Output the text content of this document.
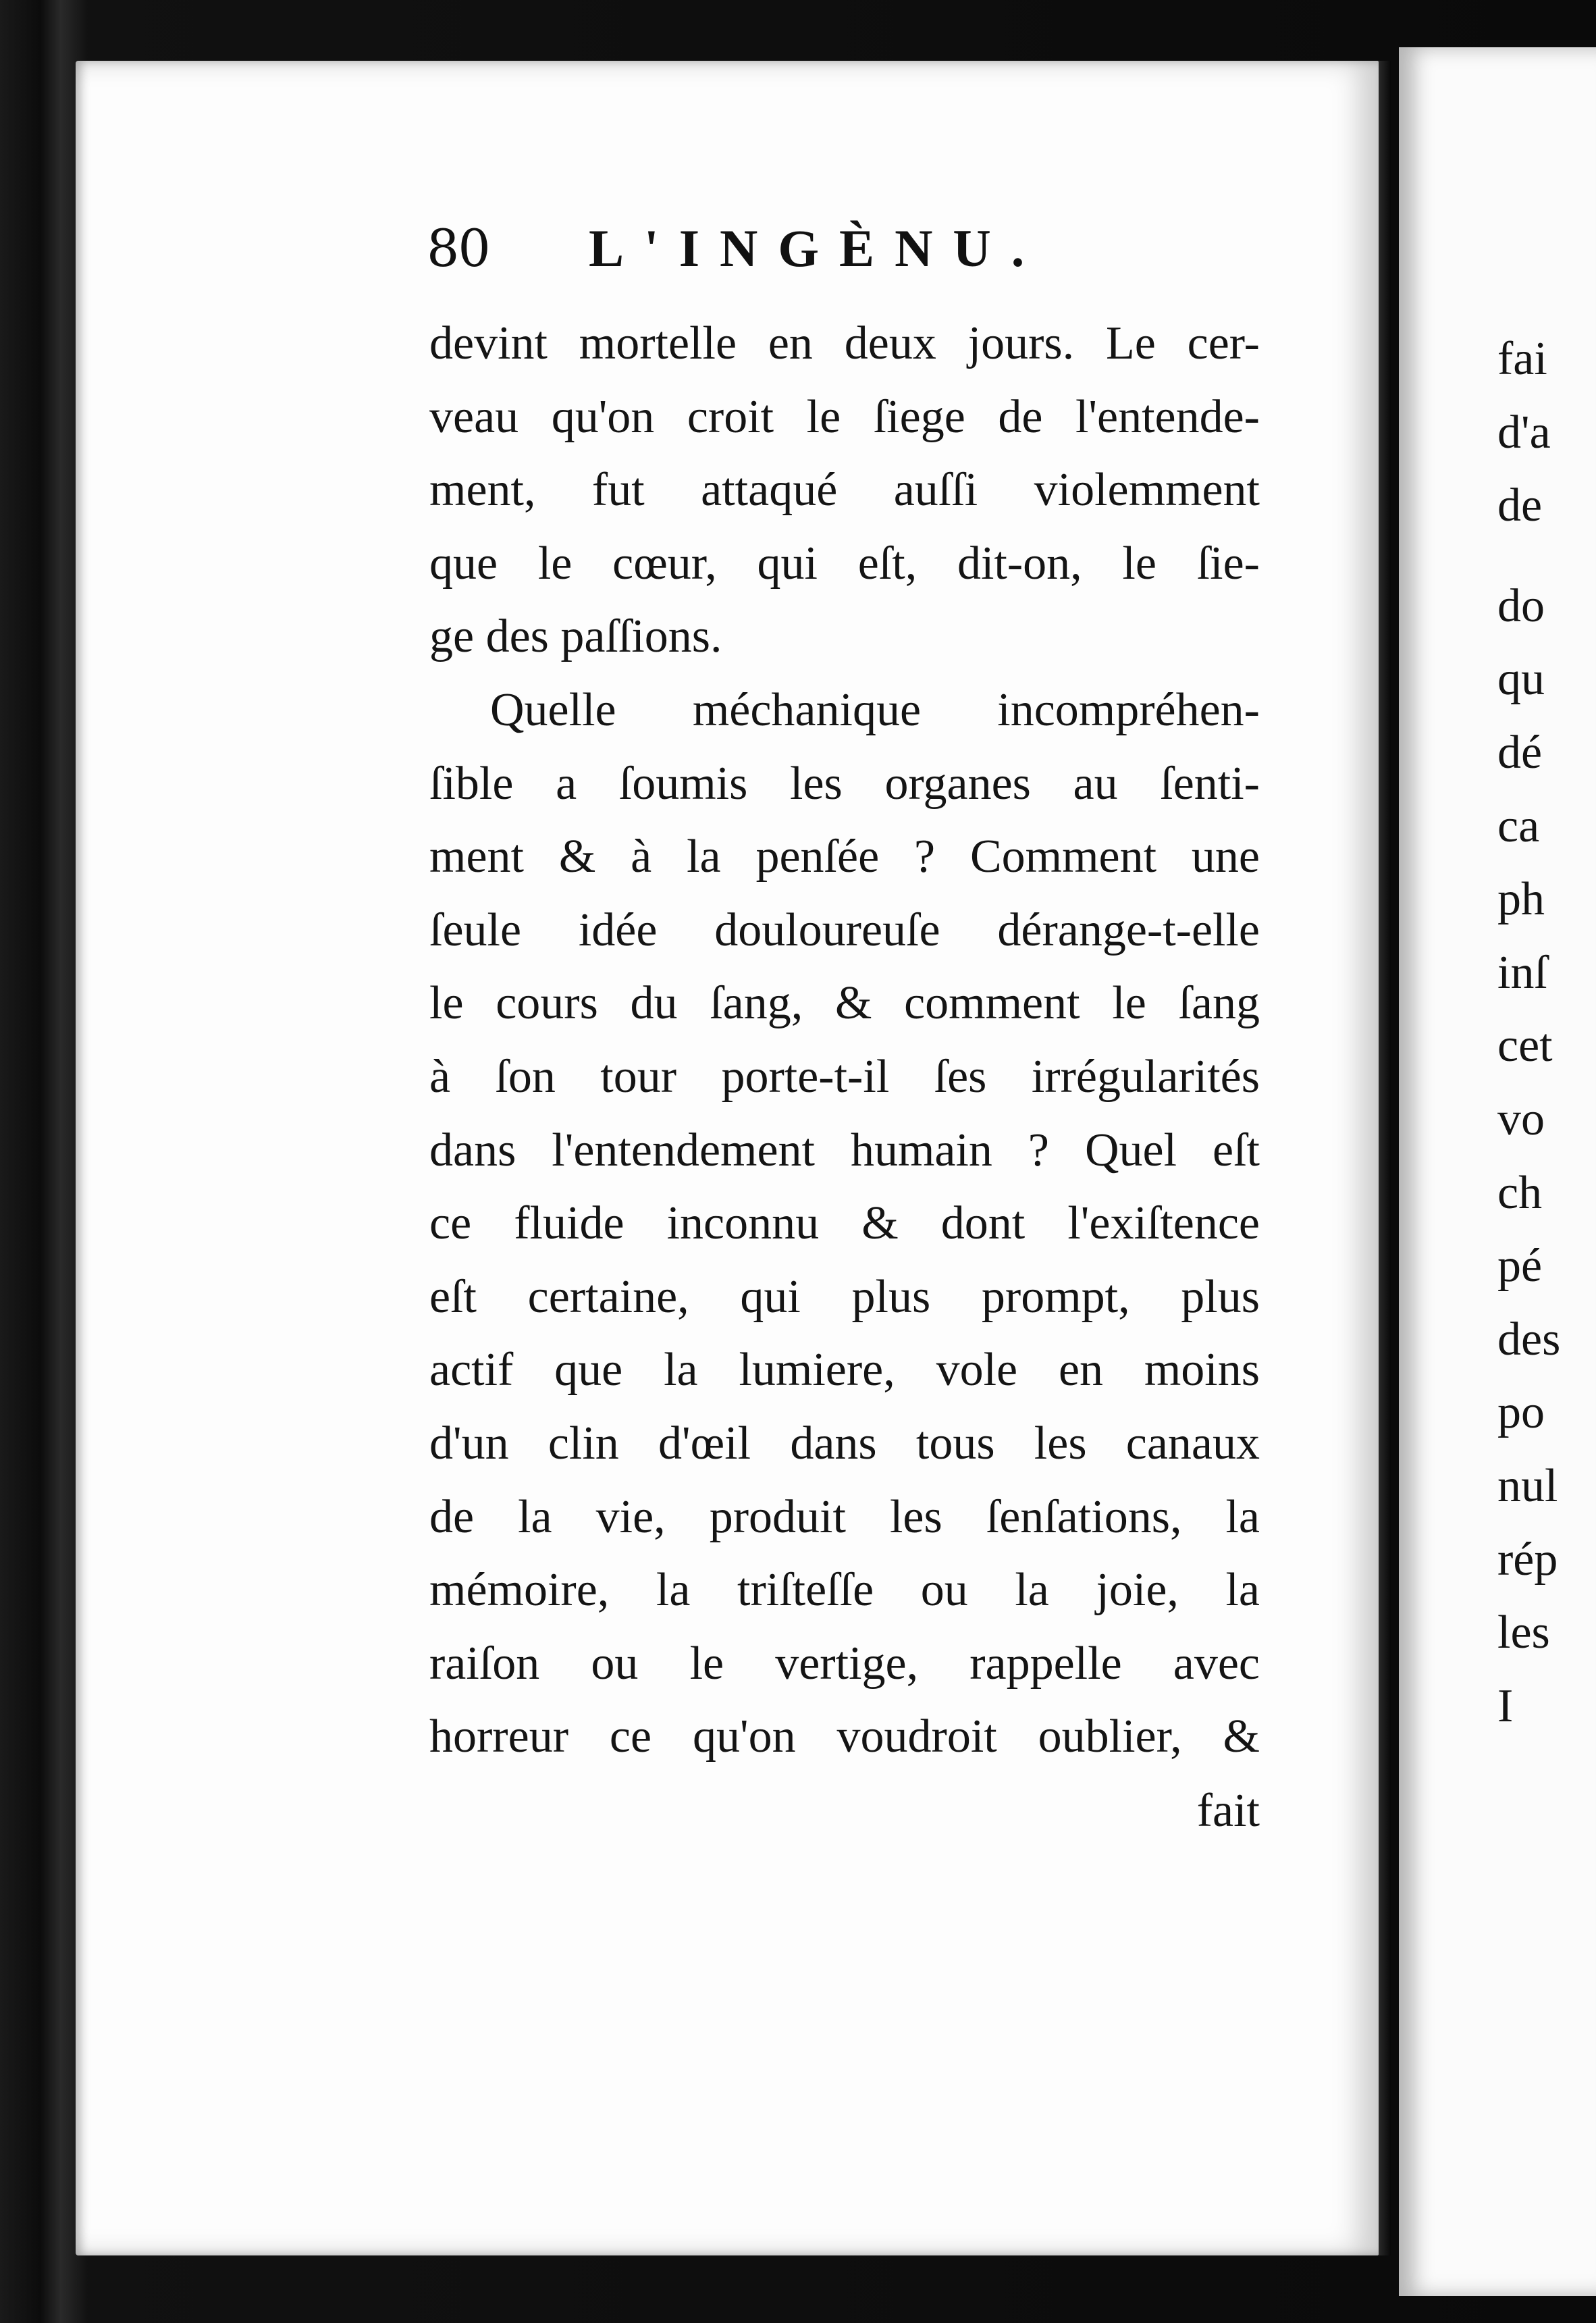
80 L'INGÈNU.
devint mortelle en deux jours. Le cer-
veau qu'on croit le ſiege de l'entende-
ment, fut attaqué auſſi violemment
que le cœur, qui eſt, dit-on, le ſie-
ge des paſſions.
Quelle méchanique incompréhen-
ſible a ſoumis les organes au ſenti-
ment & à la penſée ? Comment une
ſeule idée douloureuſe dérange-t-elle
le cours du ſang, & comment le ſang
à ſon tour porte-t-il ſes irrégularités
dans l'entendement humain ? Quel eſt
ce fluide inconnu & dont l'exiſtence
eſt certaine, qui plus prompt, plus
actif que la lumiere, vole en moins
d'un clin d'œil dans tous les canaux
de la vie, produit les ſenſations, la
mémoire, la triſteſſe ou la joie, la
raiſon ou le vertige, rappelle avec
horreur ce qu'on voudroit oublier, &
fait
fai
d'a
de
do
qu
dé
ca
ph
inſ
cet
vo
ch
pé
des
po
nul
rép
les
I
